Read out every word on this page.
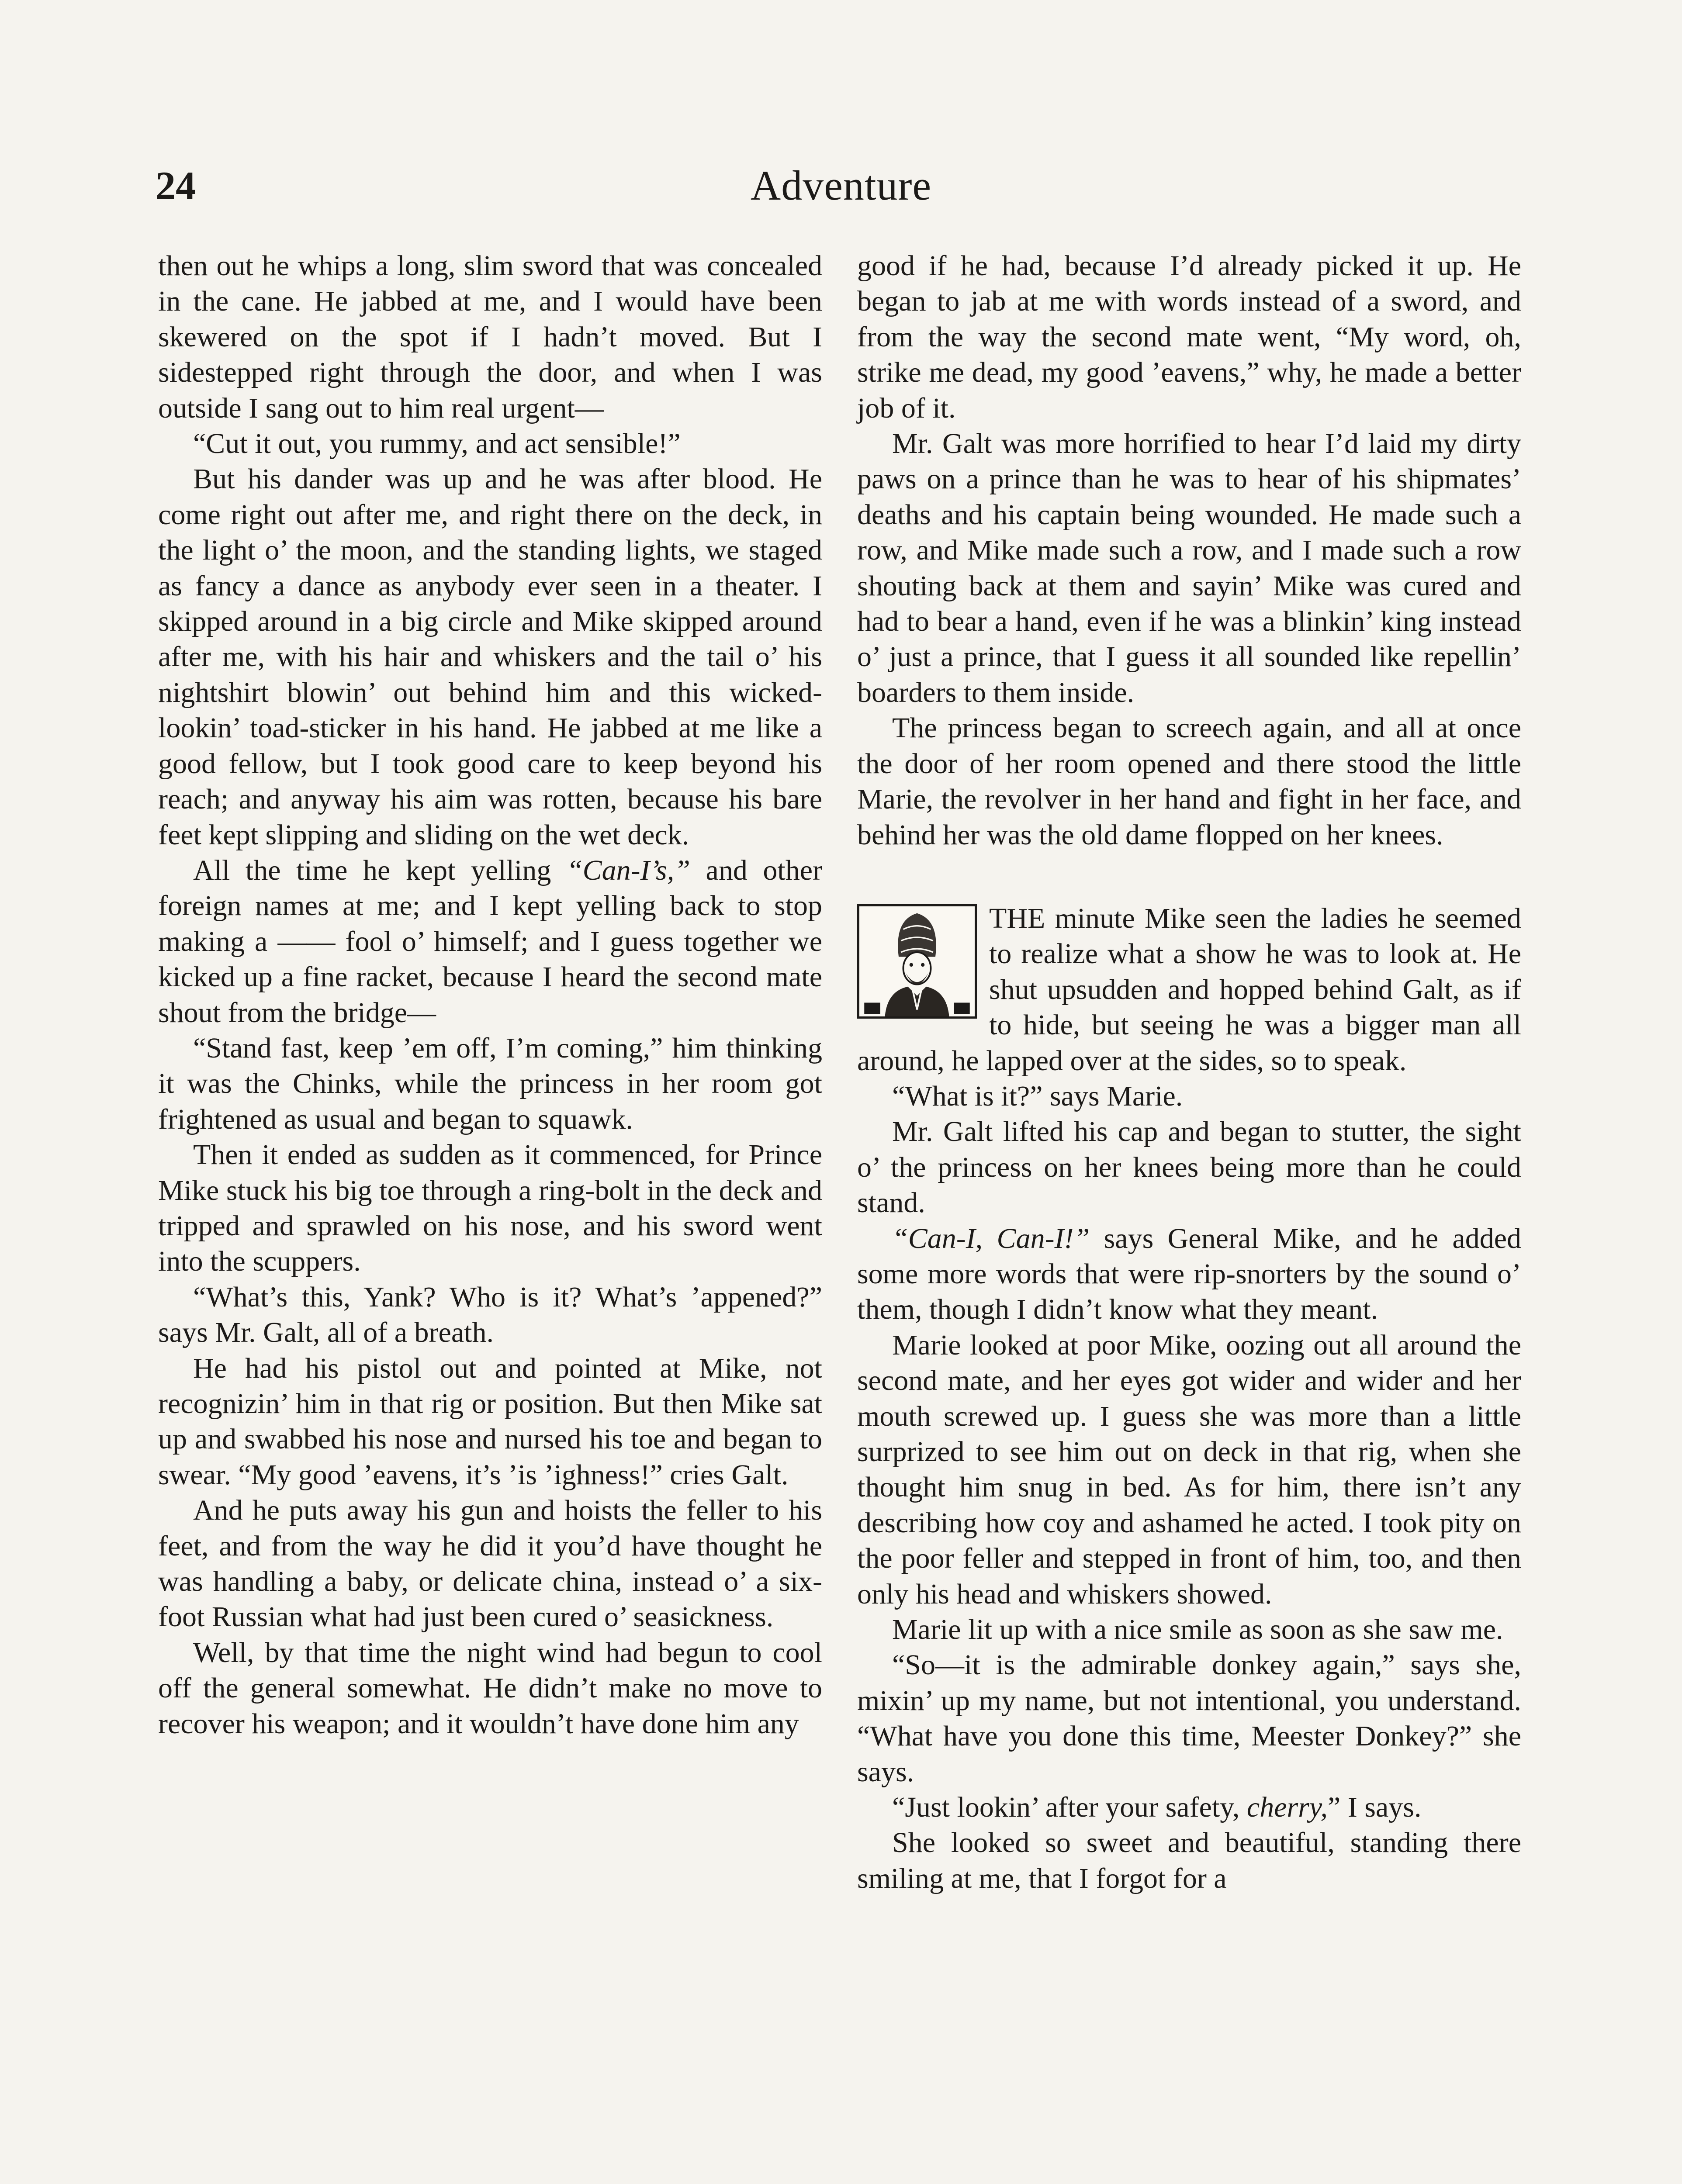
24	Adventure

then out he whips a long, slim sword that was concealed in the cane. He jabbed at me, and I would have been skewered on the spot if I hadn’t moved. But I sidestepped right through the door, and when I was outside I sang out to him real urgent—

“Cut it out, you rummy, and act sensible!”

But his dander was up and he was after blood. He come right out after me, and right there on the deck, in the light o’ the moon, and the standing lights, we staged as fancy a dance as anybody ever seen in a theater. I skipped around in a big circle and Mike skipped around after me, with his hair and whiskers and the tail o’ his nightshirt blowin’ out behind him and this wicked-lookin’ toad-sticker in his hand. He jabbed at me like a good fellow, but I took good care to keep beyond his reach; and anyway his aim was rotten, because his bare feet kept slipping and sliding on the wet deck.

All the time he kept yelling “Can-I’s,” and other foreign names at me; and I kept yelling back to stop making a —— fool o’ himself; and I guess together we kicked up a fine racket, because I heard the second mate shout from the bridge—

“Stand fast, keep ’em off, I’m coming,” him thinking it was the Chinks, while the princess in her room got frightened as usual and began to squawk.

Then it ended as sudden as it commenced, for Prince Mike stuck his big toe through a ring-bolt in the deck and tripped and sprawled on his nose, and his sword went into the scuppers.

“What’s this, Yank? Who is it? What’s ’appened?” says Mr. Galt, all of a breath.

He had his pistol out and pointed at Mike, not recognizin’ him in that rig or position. But then Mike sat up and swabbed his nose and nursed his toe and began to swear. “My good ’eavens, it’s ’is ’ighness!” cries Galt.

And he puts away his gun and hoists the feller to his feet, and from the way he did it you’d have thought he was handling a baby, or delicate china, instead o’ a six-foot Russian what had just been cured o’ seasickness.

Well, by that time the night wind had begun to cool off the general somewhat. He didn’t make no move to recover his weapon; and it wouldn’t have done him any

good if he had, because I’d already picked it up. He began to jab at me with words instead of a sword, and from the way the second mate went, “My word, oh, strike me dead, my good ’eavens,” why, he made a better job of it.

Mr. Galt was more horrified to hear I’d laid my dirty paws on a prince than he was to hear of his shipmates’ deaths and his captain being wounded. He made such a row, and Mike made such a row, and I made such a row shouting back at them and sayin’ Mike was cured and had to bear a hand, even if he was a blinkin’ king instead o’ just a prince, that I guess it all sounded like repellin’ boarders to them inside.

The princess began to screech again, and all at once the door of her room opened and there stood the little Marie, the revolver in her hand and fight in her face, and behind her was the old dame flopped on her knees.

THE minute Mike seen the ladies he seemed to realize what a show he was to look at. He shut upsudden and hopped behind Galt, as if to hide, but seeing he was a bigger man all around, he lapped over at the sides, so to speak.

“What is it?” says Marie.

Mr. Galt lifted his cap and began to stutter, the sight o’ the princess on her knees being more than he could stand.

“Can-I, Can-I!” says General Mike, and he added some more words that were rip-snorters by the sound o’ them, though I didn’t know what they meant.

Marie looked at poor Mike, oozing out all around the second mate, and her eyes got wider and wider and her mouth screwed up. I guess she was more than a little surprized to see him out on deck in that rig, when she thought him snug in bed. As for him, there isn’t any describing how coy and ashamed he acted. I took pity on the poor feller and stepped in front of him, too, and then only his head and whiskers showed.

Marie lit up with a nice smile as soon as she saw me.

“So—it is the admirable donkey again,” says she, mixin’ up my name, but not intentional, you understand. “What have you done this time, Meester Donkey?” she says.

“Just lookin’ after your safety, cherry,” I says.

She looked so sweet and beautiful, standing there smiling at me, that I forgot for a
